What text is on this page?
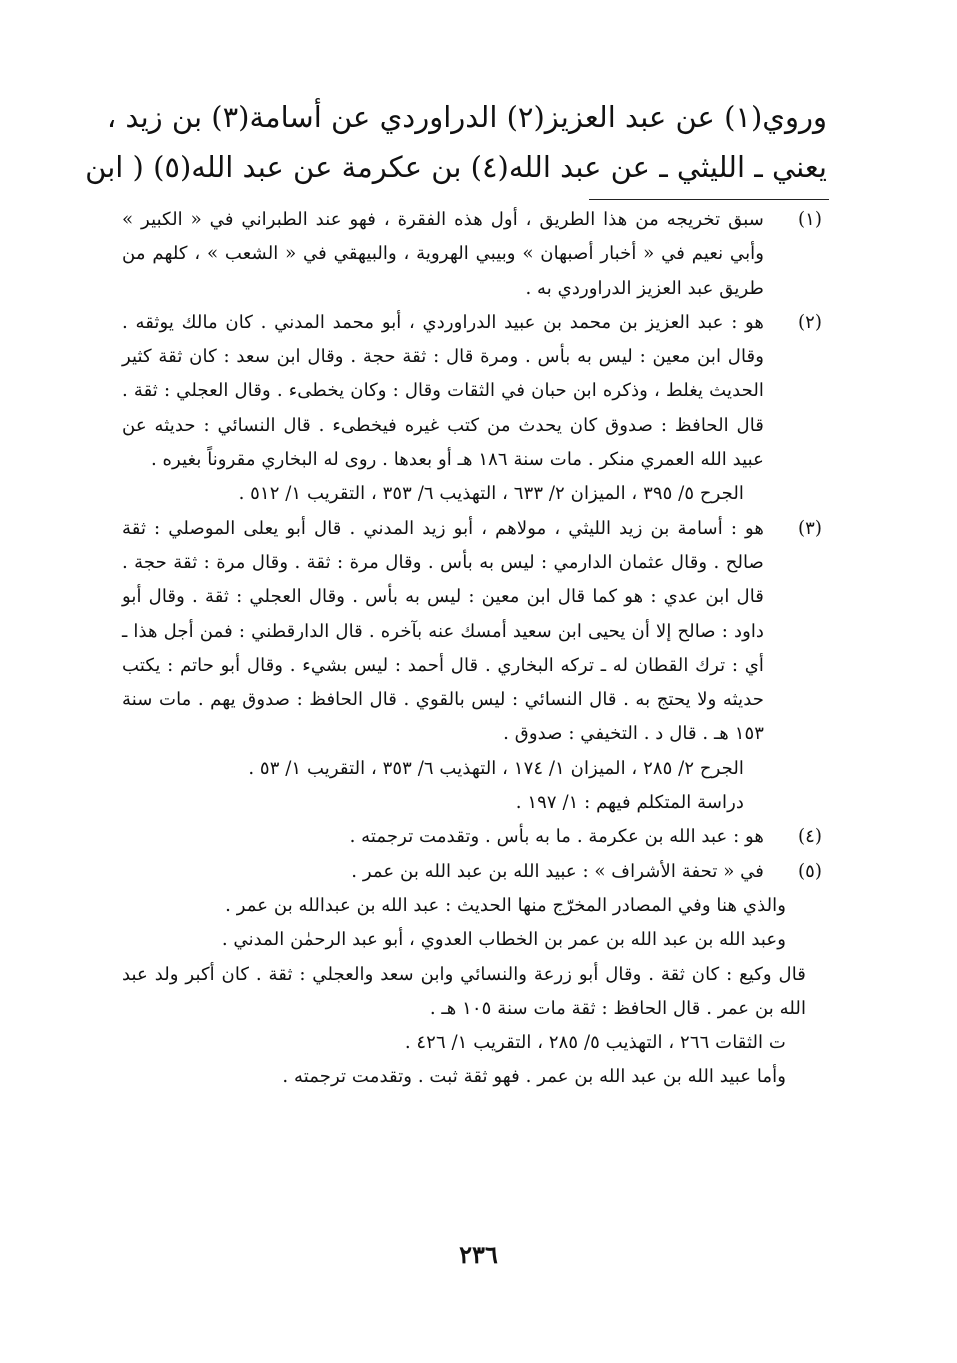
وروي(١) عن عبد العزيز(٢) الدراوردي عن أسامة(٣) بن زيد ،
يعني ـ الليثي ـ عن عبد الله(٤) بن عكرمة عن عبد الله(٥) ( ابن
(١)
سبق تخريجه من هذا الطريق ، أول هذه الفقرة ، فهو عند الطبراني في « الكبير » وأبي نعيم في « أخبار أصبهان » وبيبي الهروية ، والبيهقي في « الشعب » ، كلهم من طريق عبد العزيز الدراوردي به .
(٢)
هو : عبد العزيز بن محمد بن عبيد الدراوردي ، أبو محمد المدني . كان مالك يوثقه . وقال ابن معين : ليس به بأس . ومرة قال : ثقة حجة . وقال ابن سعد : كان ثقة كثير الحديث يغلط ، وذكره ابن حبان في الثقات وقال : وكان يخطىء . وقال العجلي : ثقة . قال الحافظ : صدوق كان يحدث من كتب غيره فيخطىء . قال النسائي : حديثه عن عبيد الله العمري منكر . مات سنة ١٨٦ هـ أو بعدها . روى له البخاري مقروناً بغيره .
الجرح ٥/ ٣٩٥ ، الميزان ٢/ ٦٣٣ ، التهذيب ٦/ ٣٥٣ ، التقريب ١/ ٥١٢ .
(٣)
هو : أسامة بن زيد الليثي ، مولاهم ، أبو زيد المدني . قال أبو يعلى الموصلي : ثقة صالح . وقال عثمان الدارمي : ليس به بأس . وقال مرة : ثقة . وقال مرة : ثقة حجة . قال ابن عدي : هو كما قال ابن معين : ليس به بأس . وقال العجلي : ثقة . وقال أبو داود : صالح إلا أن يحيى ابن سعيد أمسك عنه بآخره . قال الدارقطني : فمن أجل هذا ـ أي : ترك القطان له ـ تركه البخاري . قال أحمد : ليس بشيء . وقال أبو حاتم : يكتب حديثه ولا يحتج به . قال النسائي : ليس بالقوي . قال الحافظ : صدوق يهم . مات سنة ١٥٣ هـ . قال د . التخيفي : صدوق .
الجرح ٢/ ٢٨٥ ، الميزان ١/ ١٧٤ ، التهذيب ٦/ ٣٥٣ ، التقريب ١/ ٥٣ .
دراسة المتكلم فيهم : ١/ ١٩٧ .
(٤)
هو : عبد الله بن عكرمة . ما به بأس . وتقدمت ترجمته .
(٥)
في « تحفة الأشراف » : عبيد الله بن عبد الله بن عمر .
والذي هنا وفي المصادر المخرّج منها الحديث : عبد الله بن عبدالله بن عمر .
وعبد الله بن عبد الله بن عمر بن الخطاب العدوي ، أبو عبد الرحمٰن المدني .
قال وكيع : كان ثقة . وقال أبو زرعة والنسائي وابن سعد والعجلي : ثقة . كان أكبر ولد عبد الله بن عمر . قال الحافظ : ثقة مات سنة ١٠٥ هـ .
ت الثقات ٢٦٦ ، التهذيب ٥/ ٢٨٥ ، التقريب ١/ ٤٢٦ .
وأما عبيد الله بن عبد الله بن عمر . فهو ثقة ثبت . وتقدمت ترجمته .
٢٣٦
